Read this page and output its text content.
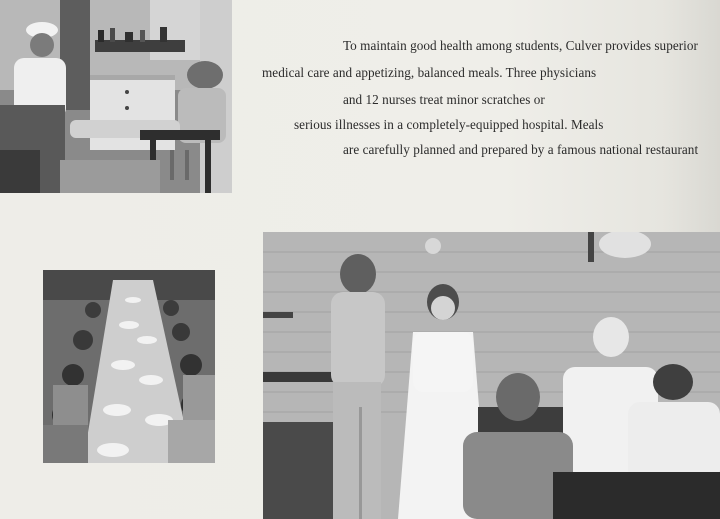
To maintain good health among students, Culver provides superior
medical care and appetizing, balanced meals. Three physicians
and 12 nurses treat minor scratches or
serious illnesses in a completely-equipped hospital. Meals
are carefully planned and prepared by a famous national restaurant
